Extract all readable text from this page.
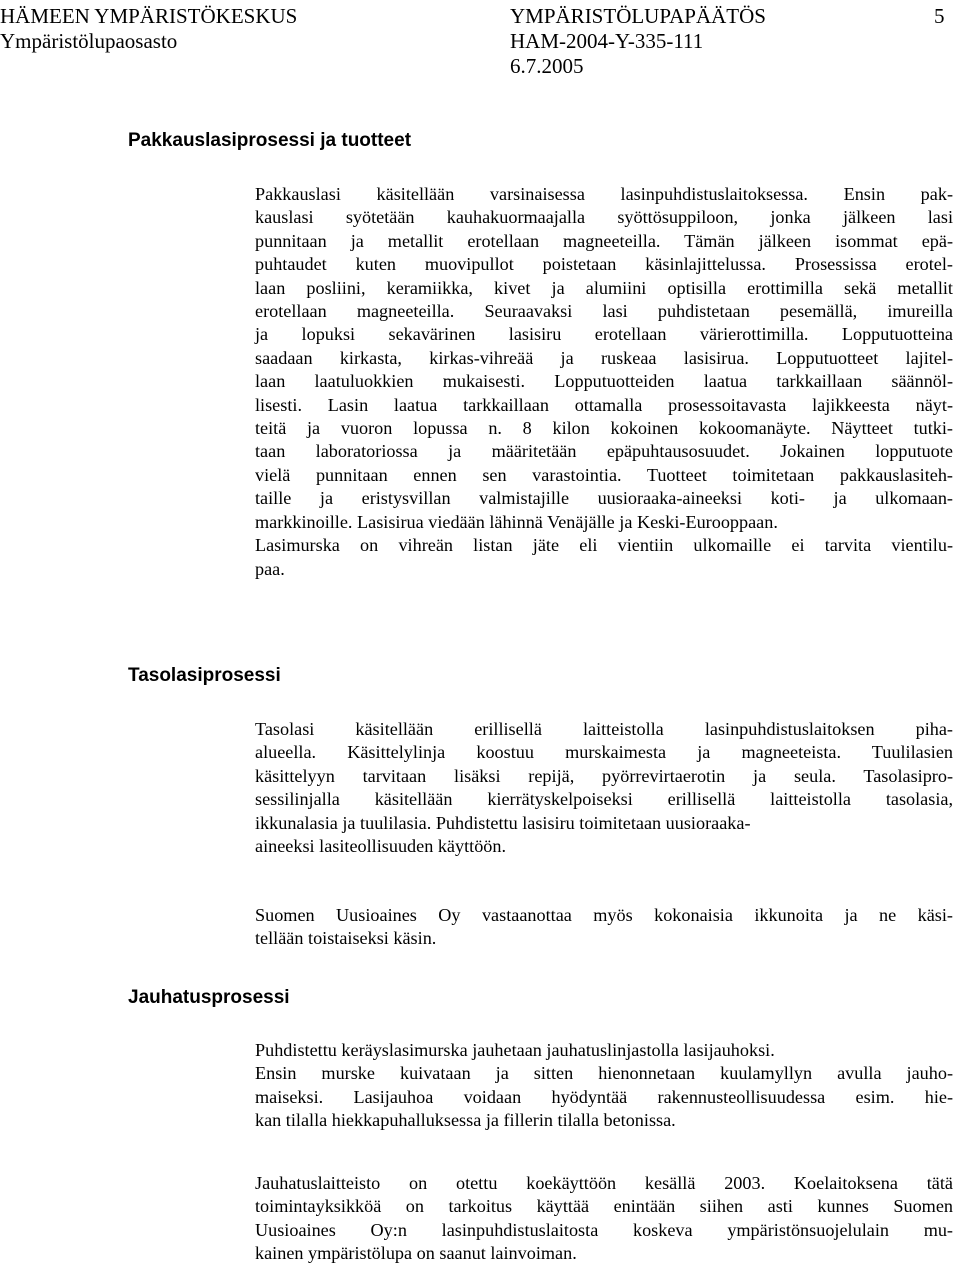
HÄMEEN YMPÄRISTÖKESKUS
Ympäristölupaosasto
YMPÄRISTÖLUPAPÄÄTÖS
HAM-2004-Y-335-111
6.7.2005
5
Pakkauslasiprosessi ja tuotteet
Tasolasiprosessi
Jauhatusprosessi
Pakkauslasi käsitellään varsinaisessa lasinpuhdistuslaitoksessa. Ensin pak-
kauslasi syötetään kauhakuormaajalla syöttösuppiloon, jonka jälkeen lasi
punnitaan ja metallit erotellaan magneeteilla. Tämän jälkeen isommat epä-
puhtaudet kuten muovipullot poistetaan käsinlajittelussa. Prosessissa erotel-
laan posliini, keramiikka, kivet ja alumiini optisilla erottimilla sekä metallit
erotellaan magneeteilla. Seuraavaksi lasi puhdistetaan pesemällä, imureilla
ja lopuksi sekavärinen lasisiru erotellaan värierottimilla. Lopputuotteina
saadaan kirkasta, kirkas-vihreää ja ruskeaa lasisirua. Lopputuotteet lajitel-
laan laatuluokkien mukaisesti. Lopputuotteiden laatua tarkkaillaan säännöl-
lisesti. Lasin laatua tarkkaillaan ottamalla prosessoitavasta lajikkeesta näyt-
teitä ja vuoron lopussa n. 8 kilon kokoinen kokoomanäyte. Näytteet tutki-
taan laboratoriossa ja määritetään epäpuhtausosuudet. Jokainen lopputuote
vielä punnitaan ennen sen varastointia. Tuotteet toimitetaan pakkauslasiteh-
taille ja eristysvillan valmistajille uusioraaka-aineeksi koti- ja ulkomaan-
markkinoille. Lasisirua viedään lähinnä Venäjälle ja Keski-Eurooppaan.
Lasimurska on vihreän listan jäte eli vientiin ulkomaille ei tarvita vientilu-
paa.
Tasolasi käsitellään erillisellä laitteistolla lasinpuhdistuslaitoksen piha-
alueella. Käsittelylinja koostuu murskaimesta ja magneeteista. Tuulilasien
käsittelyyn tarvitaan lisäksi repijä, pyörrevirtaerotin ja seula. Tasolasipro-
sessilinjalla käsitellään kierrätyskelpoiseksi erillisellä laitteistolla tasolasia,
ikkunalasia ja tuulilasia. Puhdistettu lasisiru toimitetaan uusioraaka-
aineeksi lasiteollisuuden käyttöön.
Suomen Uusioaines Oy vastaanottaa myös kokonaisia ikkunoita ja ne käsi-
tellään toistaiseksi käsin.
Puhdistettu keräyslasimurska jauhetaan jauhatuslinjastolla lasijauhoksi.
Ensin murske kuivataan ja sitten hienonnetaan kuulamyllyn avulla jauho-
maiseksi. Lasijauhoa voidaan hyödyntää rakennusteollisuudessa esim. hie-
kan tilalla hiekkapuhalluksessa ja fillerin tilalla betonissa.
Jauhatuslaitteisto on otettu koekäyttöön kesällä 2003. Koelaitoksena tätä
toimintayksikköä on tarkoitus käyttää enintään siihen asti kunnes Suomen
Uusioaines Oy:n lasinpuhdistuslaitosta koskeva ympäristönsuojelulain mu-
kainen ympäristölupa on saanut lainvoiman.
